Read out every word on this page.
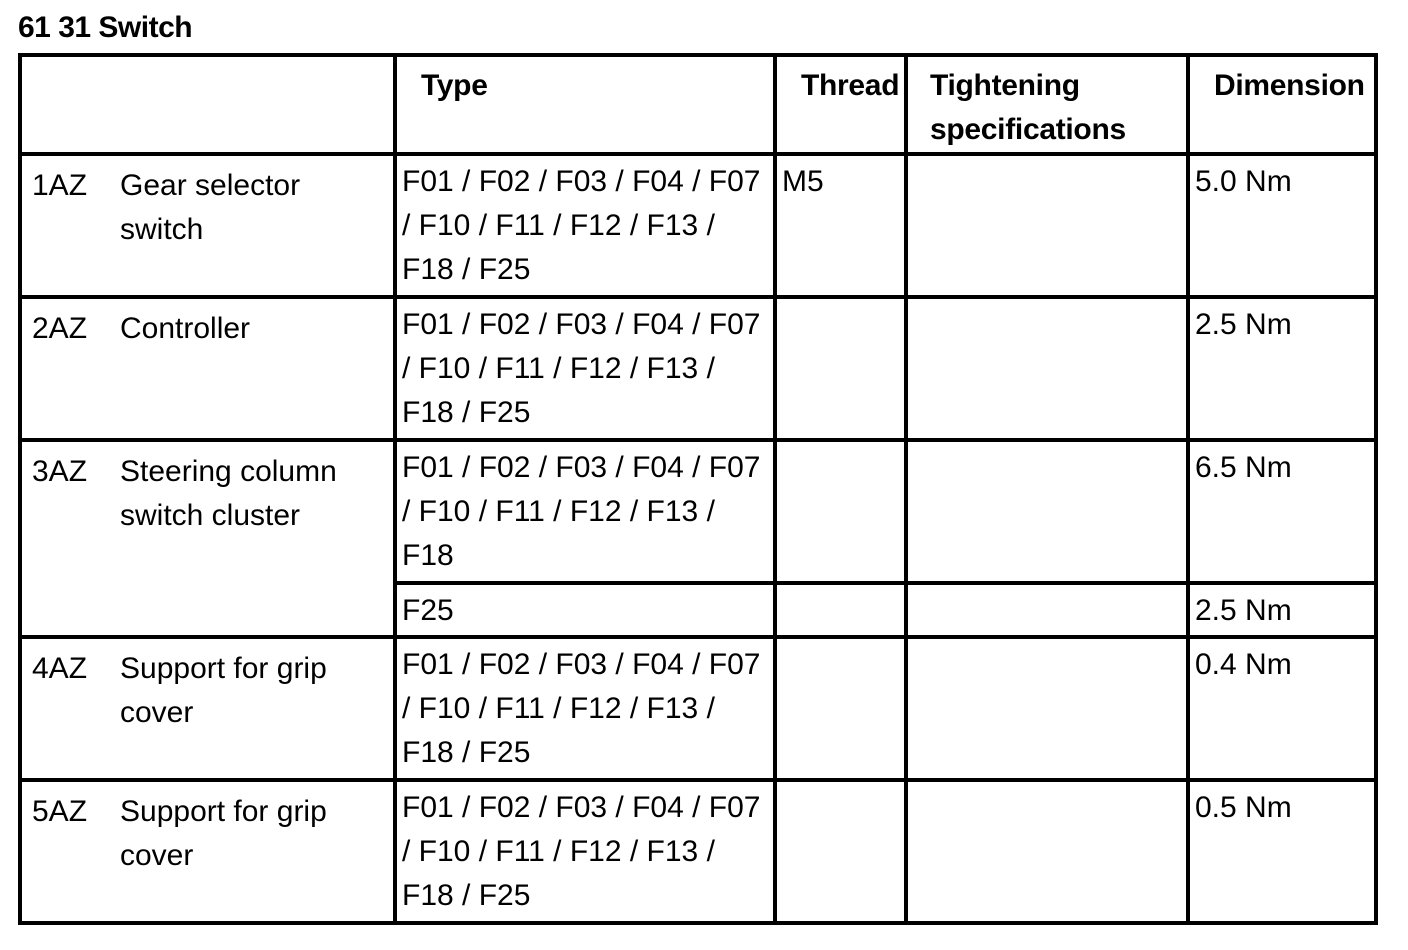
61 31 Switch

	Type	Thread	Tightening specifications	Dimension

1AZ Gear selector switch	F01 / F02 / F03 / F04 / F07 / F10 / F11 / F12 / F13 / F18 / F25	M5		5.0 Nm

2AZ Controller	F01 / F02 / F03 / F04 / F07 / F10 / F11 / F12 / F13 / F18 / F25			2.5 Nm

3AZ Steering column switch cluster	F01 / F02 / F03 / F04 / F07 / F10 / F11 / F12 / F13 / F18			6.5 Nm

	F25			2.5 Nm

4AZ Support for grip cover	F01 / F02 / F03 / F04 / F07 / F10 / F11 / F12 / F13 / F18 / F25			0.4 Nm

5AZ Support for grip cover	F01 / F02 / F03 / F04 / F07 / F10 / F11 / F12 / F13 / F18 / F25			0.5 Nm
